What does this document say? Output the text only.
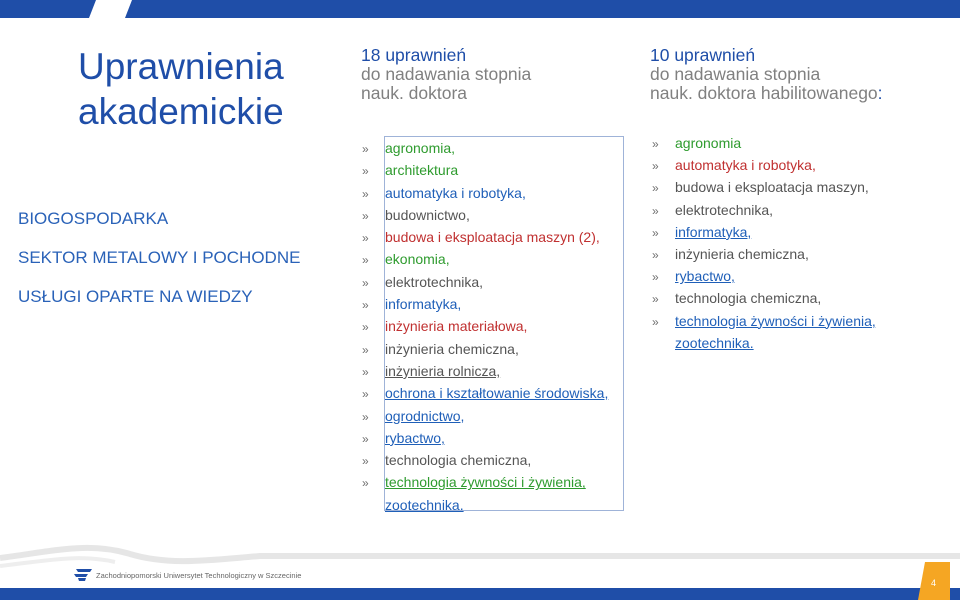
Uprawnienia
akademickie
BIOGOSPODARKA
SEKTOR METALOWY I POCHODNE
USŁUGI OPARTE NA WIEDZY
18 uprawnień
do nadawania stopnia
nauk. doktora
» agronomia,
» architektura
» automatyka i robotyka,
» budownictwo,
» budowa i eksploatacja maszyn (2),
» ekonomia,
» elektrotechnika,
» informatyka,
» inżynieria materiałowa,
» inżynieria chemiczna,
» inżynieria rolnicza,
» ochrona i kształtowanie środowiska,
» ogrodnictwo,
» rybactwo,
» technologia chemiczna,
» technologia żywności i żywienia,
zootechnika.
10 uprawnień
do nadawania stopnia
nauk. doktora habilitowanego:
» agronomia
» automatyka i robotyka,
» budowa i eksploatacja maszyn,
» elektrotechnika,
» informatyka,
» inżynieria chemiczna,
» rybactwo,
» technologia chemiczna,
» technologia żywności i żywienia,
zootechnika.
Zachodniopomorski Uniwersytet Technologiczny w Szczecinie
4
